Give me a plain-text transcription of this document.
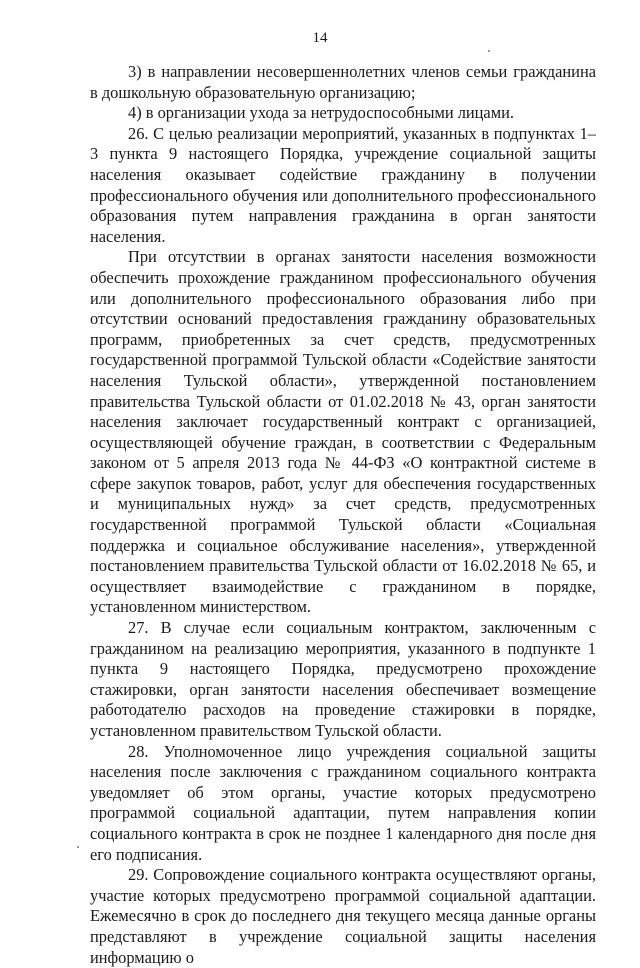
14

3) в направлении несовершеннолетних членов семьи гражданина в дошкольную образовательную организацию;

4) в организации ухода за нетрудоспособными лицами.

26. С целью реализации мероприятий, указанных в подпунктах 1–3 пункта 9 настоящего Порядка, учреждение социальной защиты населения оказывает содействие гражданину в получении профессионального обучения или дополнительного профессионального образования путем направления гражданина в орган занятости населения.

При отсутствии в органах занятости населения возможности обеспечить прохождение гражданином профессионального обучения или дополнительного профессионального образования либо при отсутствии оснований предоставления гражданину образовательных программ, приобретенных за счет средств, предусмотренных государственной программой Тульской области «Содействие занятости населения Тульской области», утвержденной постановлением правительства Тульской области от 01.02.2018 № 43, орган занятости населения заключает государственный контракт с организацией, осуществляющей обучение граждан, в соответствии с Федеральным законом от 5 апреля 2013 года № 44-ФЗ «О контрактной системе в сфере закупок товаров, работ, услуг для обеспечения государственных и муниципальных нужд» за счет средств, предусмотренных государственной программой Тульской области «Социальная поддержка и социальное обслуживание населения», утвержденной постановлением правительства Тульской области от 16.02.2018 № 65, и осуществляет взаимодействие с гражданином в порядке, установленном министерством.

27. В случае если социальным контрактом, заключенным с гражданином на реализацию мероприятия, указанного в подпункте 1 пункта 9 настоящего Порядка, предусмотрено прохождение стажировки, орган занятости населения обеспечивает возмещение работодателю расходов на проведение стажировки в порядке, установленном правительством Тульской области.

28. Уполномоченное лицо учреждения социальной защиты населения после заключения с гражданином социального контракта уведомляет об этом органы, участие которых предусмотрено программой социальной адаптации, путем направления копии социального контракта в срок не позднее 1 календарного дня после дня его подписания.

29. Сопровождение социального контракта осуществляют органы, участие которых предусмотрено программой социальной адаптации. Ежемесячно в срок до последнего дня текущего месяца данные органы представляют в учреждение социальной защиты населения информацию о
